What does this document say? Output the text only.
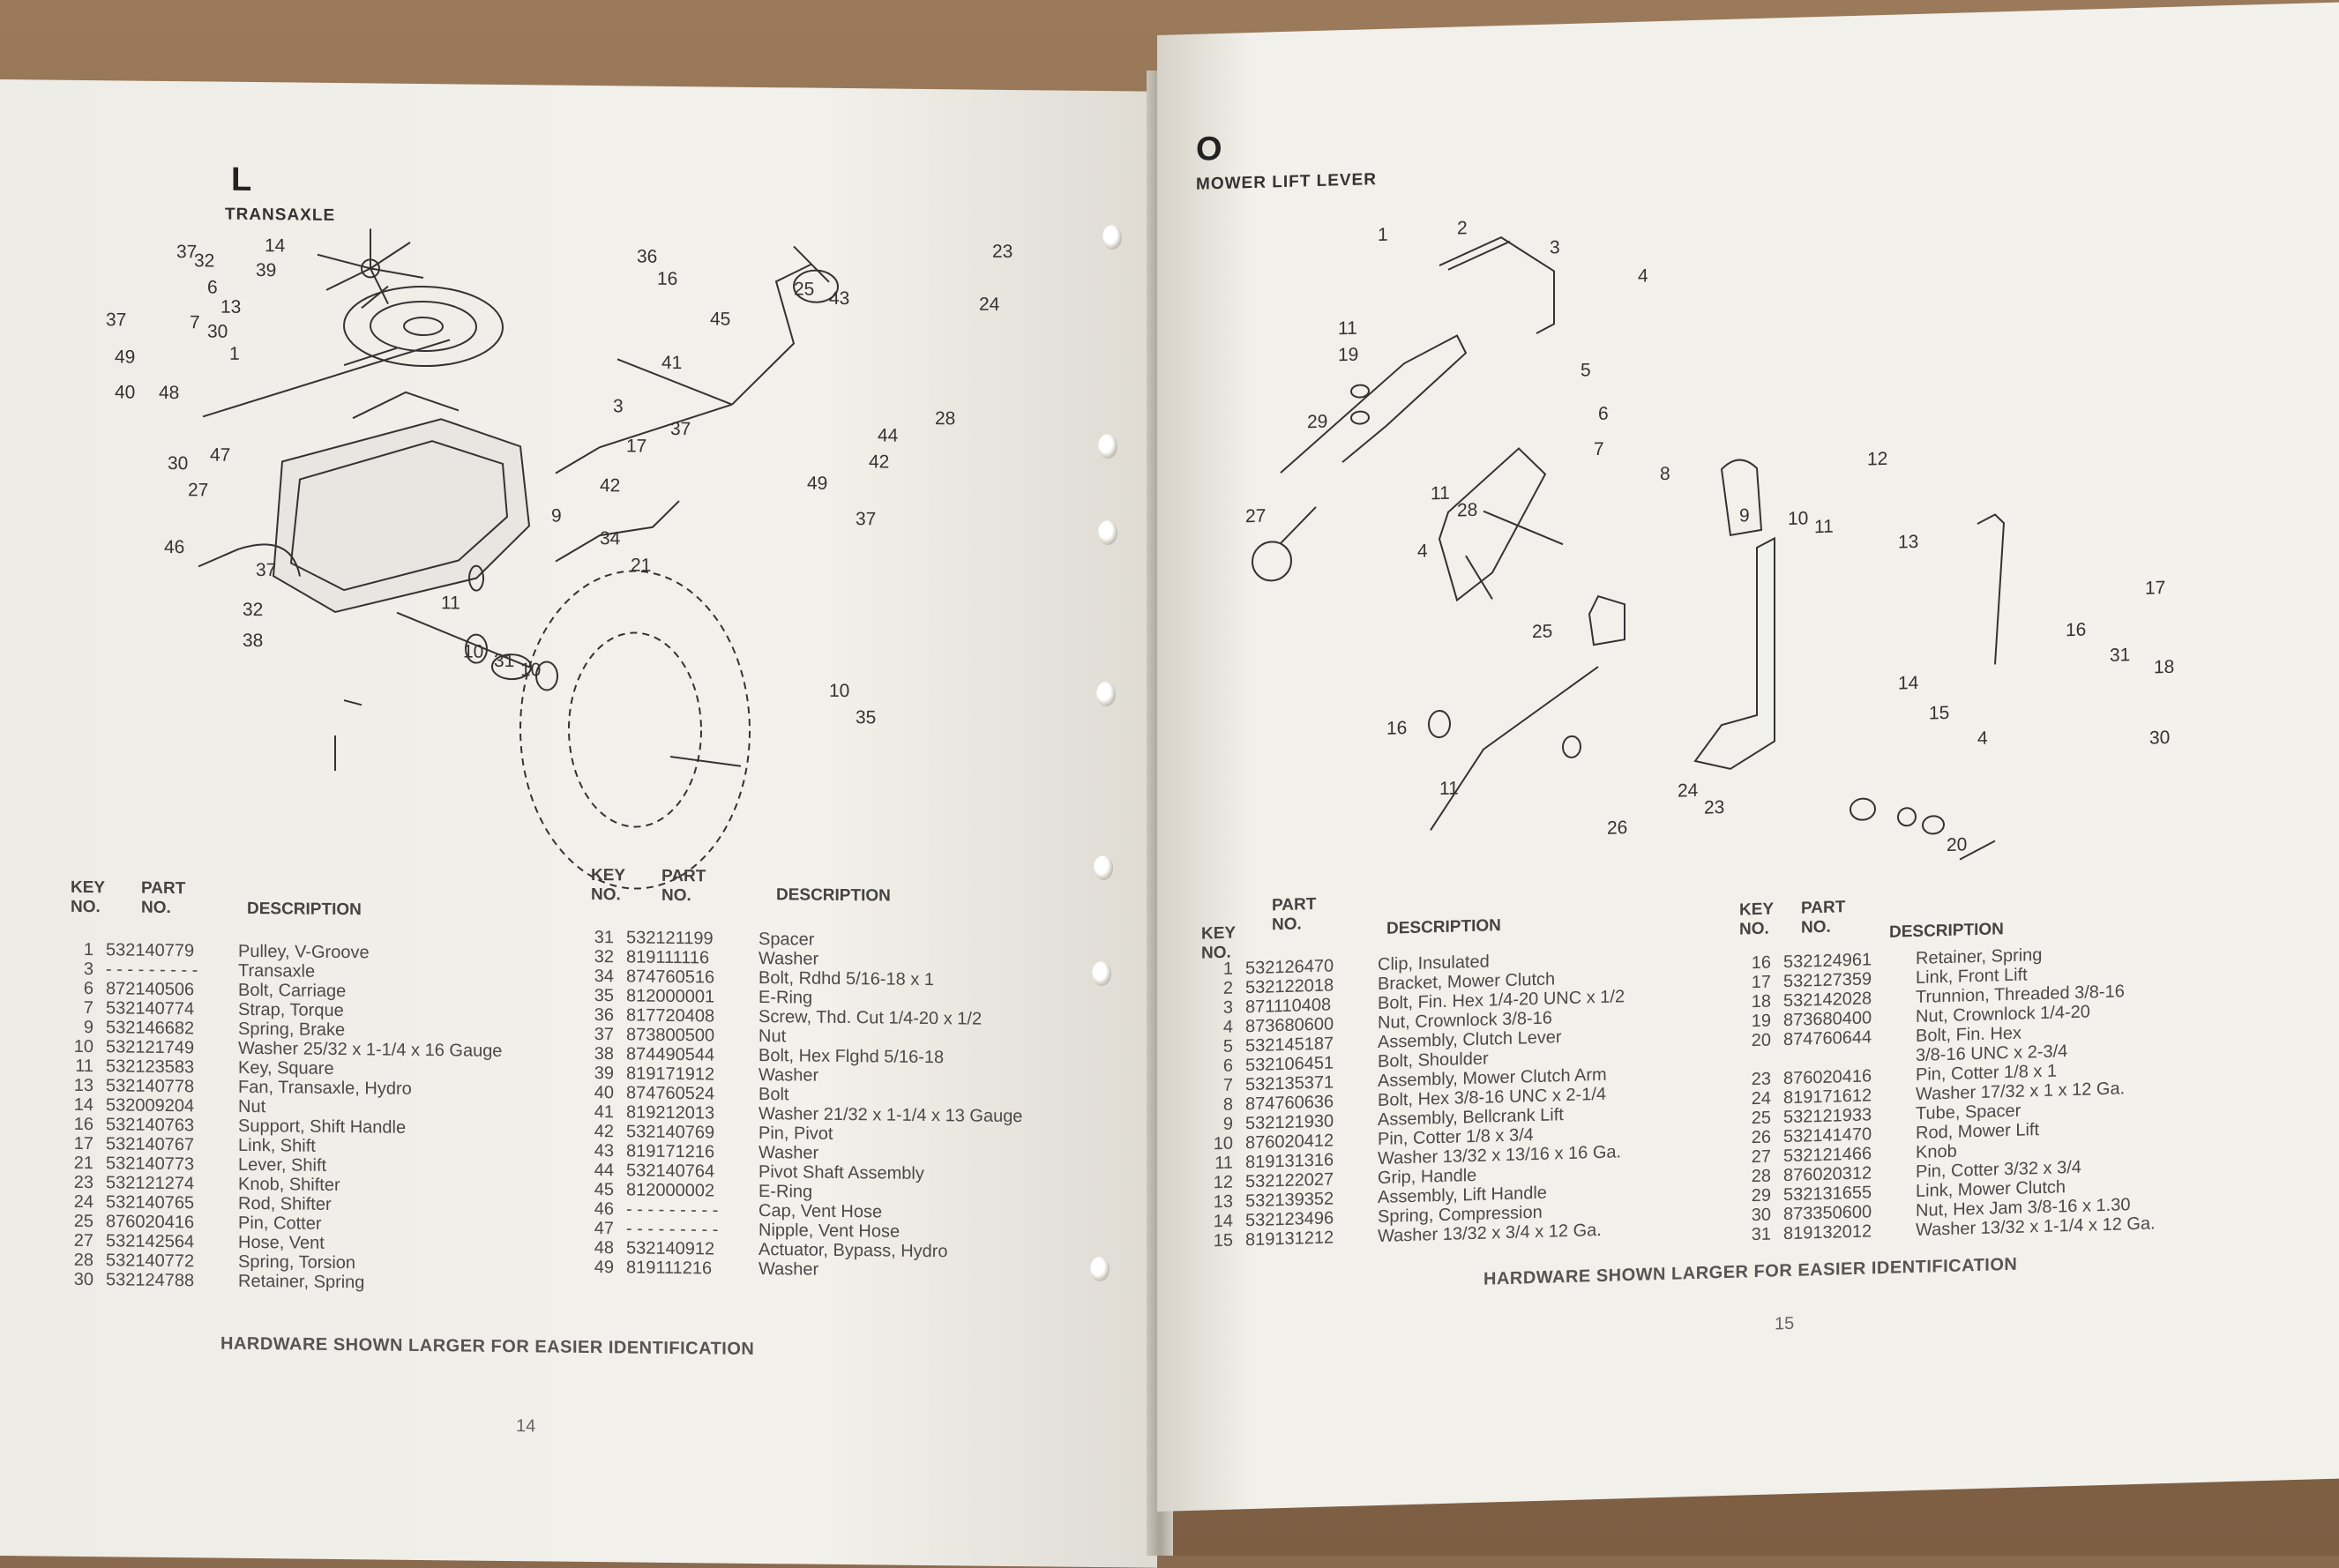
L
TRANSAXLE
37
32
14
39
6
13
37	7 30
49	1
40 48
36
16
45
25 43
23
24
3
41
28
37	44
17
42
42	49
30 47
27
9
34
21
37
46
37
32	11
38
10 31 10
10
35
KEY NO.
PART NO.	DESCRIPTION
1 532140779 Pulley, V-Groove
3 - - - - - - - - - Transaxle
6 872140506 Bolt, Carriage
7 532140774 Strap, Torque
9 532146682 Spring, Brake
10 532121749 Washer 25/32 x 1-1/4 x 16 Gauge
11 532123583 Key, Square
13 532140778 Fan, Transaxle, Hydro
14 532009204 Nut
16 532140763 Support, Shift Handle
17 532140767 Link, Shift
21 532140773 Lever, Shift
23 532121274 Knob, Shifter
24 532140765 Rod, Shifter
25 876020416 Pin, Cotter
27 532142564 Hose, Vent
28 532140772 Spring, Torsion
30 532124788 Retainer, Spring
KEY NO.
PART NO.	DESCRIPTION
31 532121199	Spacer
32 819111116	Washer
34 874760516 Bolt, Rdhd 5/16-18 x 1
35 812000001 E-Ring
36 817720408 Screw, Thd. Cut 1/4-20 x 1/2
37 873800500 Nut
38 874490544 Bolt, Hex Flghd 5/16-18
39 819171912 Washer
40 874760524 Bolt
41 819212013 Washer 21/32 x 1-1/4 x 13 Gauge
42 532140769 Pin, Pivot
43 819171216 Washer
44 532140764 Pivot Shaft Assembly
45 812000002 E-Ring
46 - - - - - - - - - Cap, Vent Hose
47 - - - - - - - - - Nipple, Vent Hose
48 532140912 Actuator, Bypass, Hydro
49 819111216	Washer
HARDWARE SHOWN LARGER FOR EASIER IDENTIFICATION
14
O
MOWER LIFT LEVER
1	2
3
4
11
19
5
29	6
7
27
11
28
8
4
9 10 11
12
13
25
17
16
31
18
16
14
15
4	30
11	24
23
26
20
KEY NO.
PART NO.	DESCRIPTION
1 532126470 Clip, Insulated
2 532122018 Bracket, Mower Clutch
3 871110408	Bolt, Fin. Hex 1/4-20 UNC x 1/2
4 873680600 Nut, Crownlock 3/8-16
5 532145187 Assembly, Clutch Lever
6 532106451 Bolt, Shoulder
7 532135371 Assembly, Mower Clutch Arm
8 874760636 Bolt, Hex 3/8-16 UNC x 2-1/4
9 532121930 Assembly, Bellcrank Lift
10 876020412 Pin, Cotter 1/8 x 3/4
11 819131316 Washer 13/32 x 13/16 x 16 Ga.
12 532122027 Grip, Handle
13 532139352 Assembly, Lift Handle
14 532123496 Spring, Compression
15 819131212 Washer 13/32 x 3/4 x 12 Ga.
KEY NO.
PART NO.	DESCRIPTION
16 532124961 Retainer, Spring
17 532127359 Link, Front Lift
18 532142028 Trunnion, Threaded 3/8-16
19 873680400 Nut, Crownlock 1/4-20
20 874760644 Bolt, Fin. Hex
3/8-16 UNC x 2-3/4
23 876020416 Pin, Cotter 1/8 x 1
24 819171612 Washer 17/32 x 1 x 12 Ga.
25 532121933 Tube, Spacer
26 532141470 Rod, Mower Lift
27 532121466 Knob
28 876020312 Pin, Cotter 3/32 x 3/4
29 532131655 Link, Mower Clutch
30 873350600 Nut, Hex Jam 3/8-16 x 1.30
31 819132012 Washer 13/32 x 1-1/4 x 12 Ga.
HARDWARE SHOWN LARGER FOR EASIER IDENTIFICATION
15
